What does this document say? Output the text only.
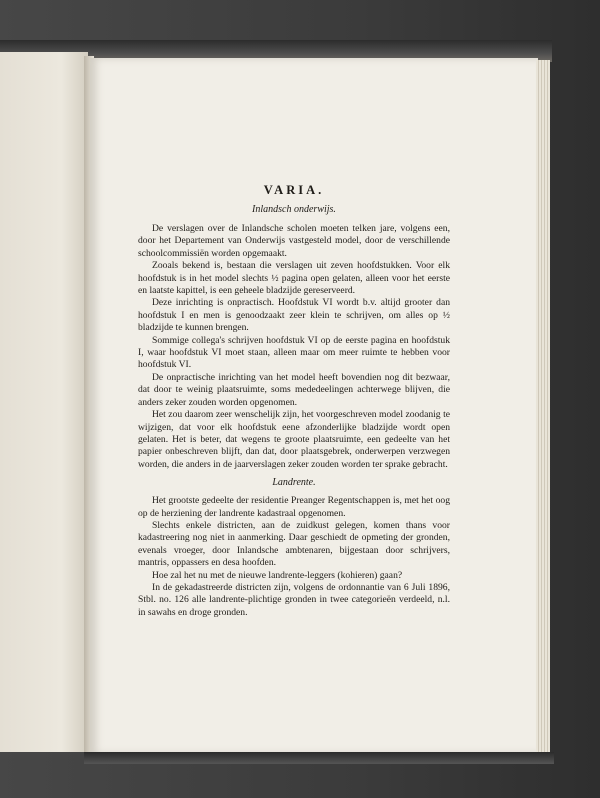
VARIA.
Inlandsch onderwijs.

De verslagen over de Inlandsche scholen moeten telken jare, volgens een, door het Departement van Onderwijs vastgesteld model, door de verschillende schoolcommissiën worden opgemaakt.

Zooals bekend is, bestaan die verslagen uit zeven hoofdstukken. Voor elk hoofdstuk is in het model slechts ½ pagina open gelaten, alleen voor het eerste en laatste kapittel, is een geheele bladzijde gereserveerd.

Deze inrichting is onpractisch. Hoofdstuk VI wordt b.v. altijd grooter dan hoofdstuk I en men is genoodzaakt zeer klein te schrijven, om alles op ½ bladzijde te kunnen brengen.

Sommige collega's schrijven hoofdstuk VI op de eerste pagina en hoofdstuk I, waar hoofdstuk VI moet staan, alleen maar om meer ruimte te hebben voor hoofdstuk VI.

De onpractische inrichting van het model heeft bovendien nog dit bezwaar, dat door te weinig plaatsruimte, soms mededeelingen achterwege blijven, die anders zeker zouden worden opgenomen.

Het zou daarom zeer wenschelijk zijn, het voorgeschreven model zoodanig te wijzigen, dat voor elk hoofdstuk eene afzonderlijke bladzijde wordt open gelaten. Het is beter, dat wegens te groote plaatsruimte, een gedeelte van het papier onbeschreven blijft, dan dat, door plaatsgebrek, onderwerpen verzwegen worden, die anders in de jaarverslagen zeker zouden worden ter sprake gebracht.

Landrente.

Het grootste gedeelte der residentie Preanger Regentschappen is, met het oog op de herziening der landrente kadastraal opgenomen.

Slechts enkele districten, aan de zuidkust gelegen, komen thans voor kadastreering nog niet in aanmerking. Daar geschiedt de opmeting der gronden, evenals vroeger, door Inlandsche ambtenaren, bijgestaan door schrijvers, mantris, oppassers en desa hoofden.

Hoe zal het nu met de nieuwe landrente-leggers (kohieren) gaan?

In de gekadastreerde districten zijn, volgens de ordonnantie van 6 Juli 1896, Stbl. no. 126 alle landrente-plichtige gronden in twee categorieën verdeeld, n.l. in sawahs en droge gronden.
